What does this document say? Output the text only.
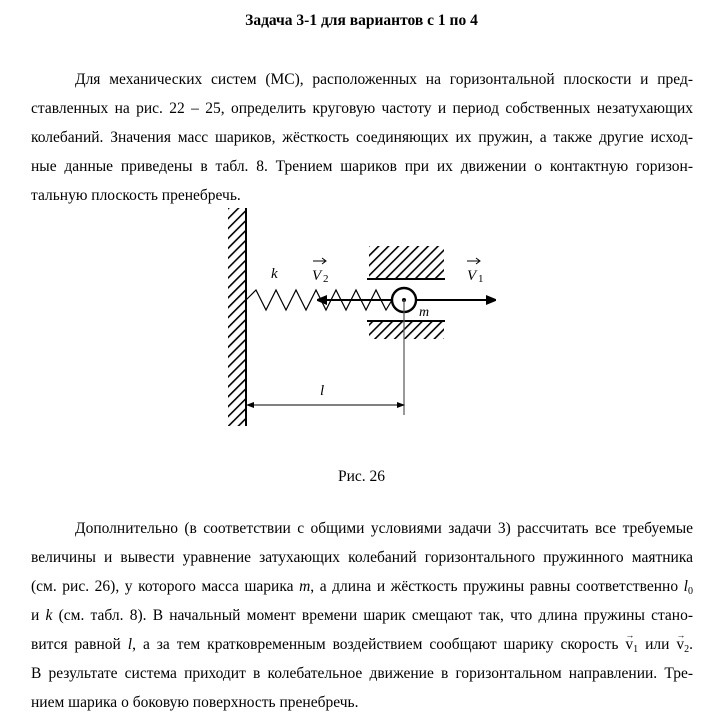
Задача 3-1 для вариантов с 1 по 4
Для механических систем (МС), расположенных на горизонтальной плоскости и пред-
ставленных на рис. 22 – 25, определить круговую частоту и период собственных незатухающих
колебаний. Значения масс шариков, жёсткость соединяющих их пружин, а также другие исход-
ные данные приведены в табл. 8. Трением шариков при их движении о контактную горизон-
тальную плоскость пренебречь.
k V 2	V 1
m
l
Рис. 26
Дополнительно (в соответствии с общими условиями задачи 3) рассчитать все требуемые
величины и вывести уравнение затухающих колебаний горизонтального пружинного маятника
(см. рис. 26), у которого масса шарика m, а длина и жёсткость пружины равны соответственно $l_0$
и k (см. табл. 8). В начальный момент времени шарик смещают так, что длина пружины стано-
вится равной l, а за тем кратковременным воздействием сообщают шарику скорость → $v_1$ или → $v_2$.
В результате система приходит в колебательное движение в горизонтальном направлении. Тре-
нием шарика о боковую поверхность пренебречь.
